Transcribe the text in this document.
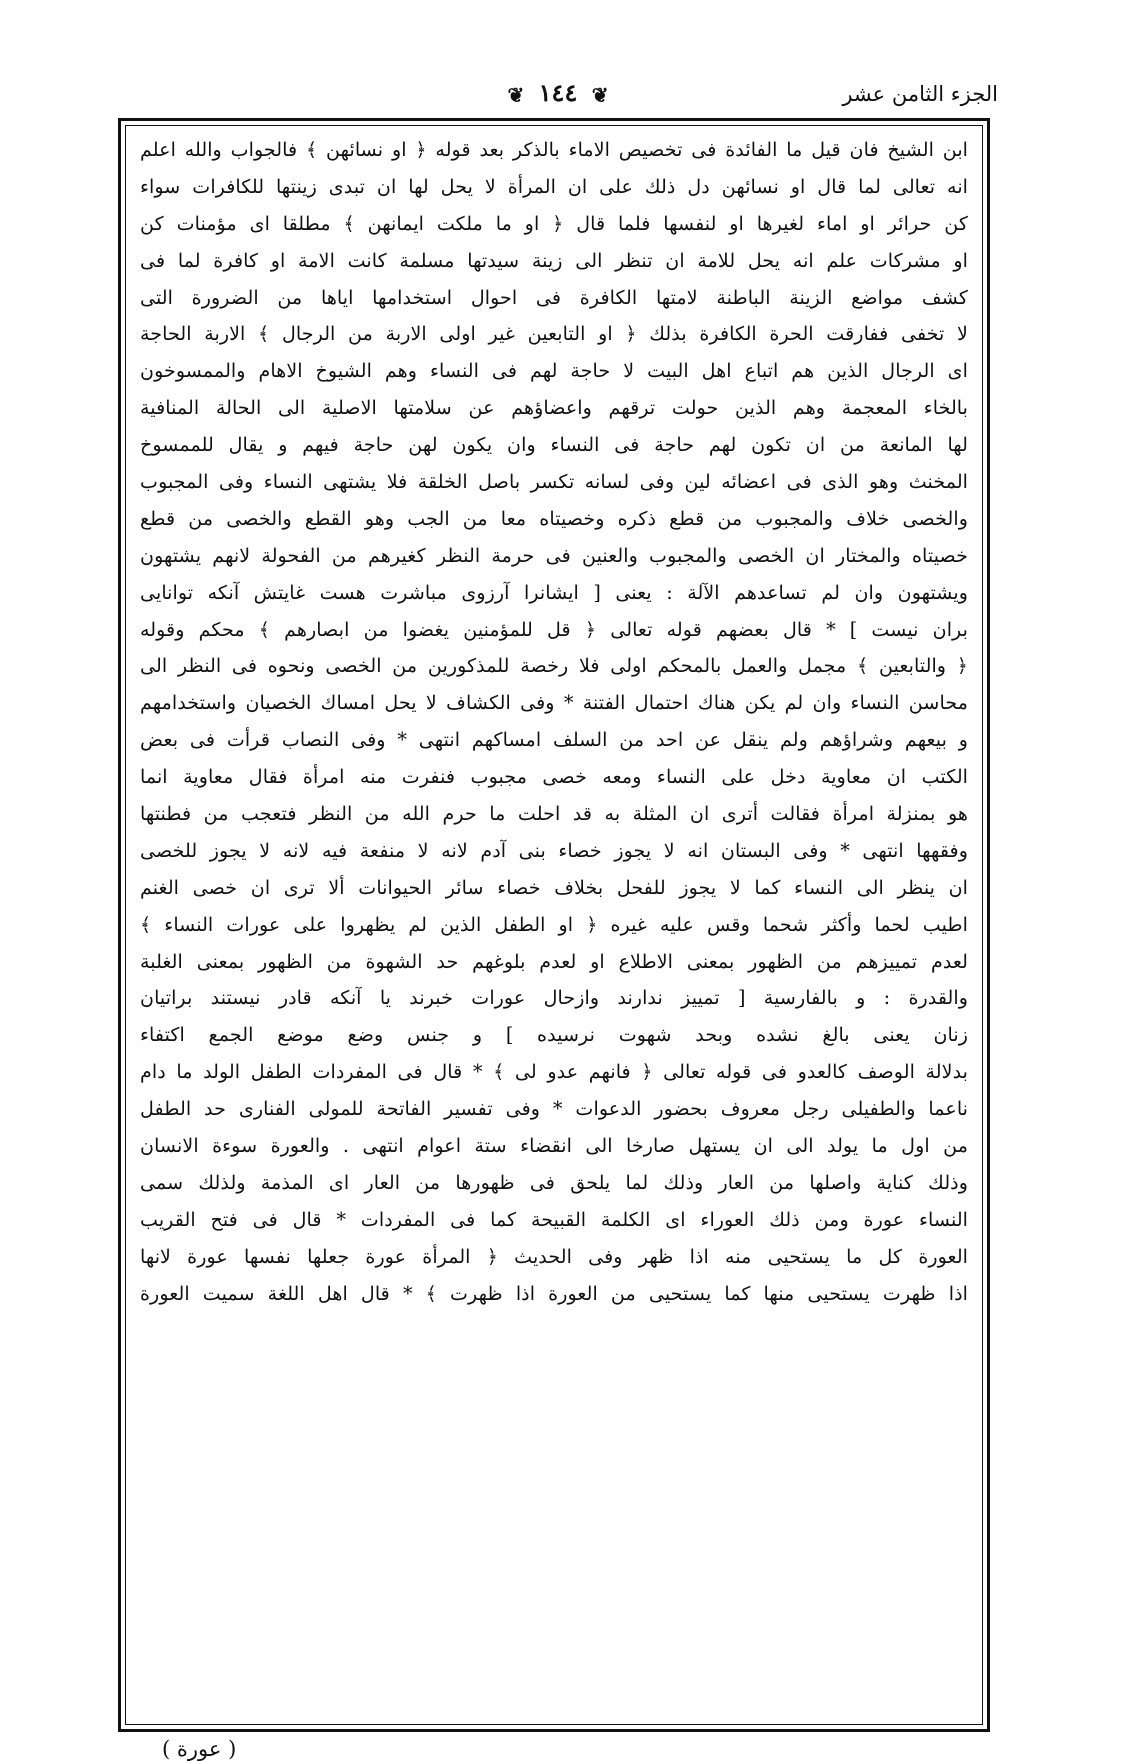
الجزء الثامن عشر
❦ ١٤٤ ❦
ابن الشيخ فان قيل ما الفائدة فى تخصيص الاماء بالذكر بعد قوله ﴿ او نسائهن ﴾ فالجواب والله اعلم
انه تعالى لما قال او نسائهن دل ذلك على ان المرأة لا يحل لها ان تبدى زينتها للكافرات سواء
كن حرائر او اماء لغيرها او لنفسها فلما قال ﴿ او ما ملكت ايمانهن ﴾ مطلقا اى مؤمنات كن
او مشركات علم انه يحل للامة ان تنظر الى زينة سيدتها مسلمة كانت الامة او كافرة لما فى
كشف مواضع الزينة الباطنة لامتها الكافرة فى احوال استخدامها اياها من الضرورة التى
لا تخفى ففارقت الحرة الكافرة بذلك ﴿ او التابعين غير اولى الاربة من الرجال ﴾ الاربة الحاجة
اى الرجال الذين هم اتباع اهل البيت لا حاجة لهم فى النساء وهم الشيوخ الاهام والممسوخون
بالخاء المعجمة وهم الذين حولت ترقهم واعضاؤهم عن سلامتها الاصلية الى الحالة المنافية
لها المانعة من ان تكون لهم حاجة فى النساء وان يكون لهن حاجة فيهم و يقال للممسوخ
المخنث وهو الذى فى اعضائه لين وفى لسانه تكسر باصل الخلقة فلا يشتهى النساء وفى المجبوب
والخصى خلاف والمجبوب من قطع ذكره وخصيتاه معا من الجب وهو القطع والخصى من قطع
خصيتاه والمختار ان الخصى والمجبوب والعنين فى حرمة النظر كغيرهم من الفحولة لانهم يشتهون
ويشتهون وان لم تساعدهم الآلة : يعنى [ ايشانرا آرزوى مباشرت هست غايتش آنكه توانايى
بران نيست ] * قال بعضهم قوله تعالى ﴿ قل للمؤمنين يغضوا من ابصارهم ﴾ محكم وقوله
﴿ والتابعين ﴾ مجمل والعمل بالمحكم اولى فلا رخصة للمذكورين من الخصى ونحوه فى النظر الى
محاسن النساء وان لم يكن هناك احتمال الفتنة * وفى الكشاف لا يحل امساك الخصيان واستخدامهم
و بيعهم وشراؤهم ولم ينقل عن احد من السلف امساكهم انتهى * وفى النصاب قرأت فى بعض
الكتب ان معاوية دخل على النساء ومعه خصى مجبوب فنفرت منه امرأة فقال معاوية انما
هو بمنزلة امرأة فقالت أترى ان المثلة به قد احلت ما حرم الله من النظر فتعجب من فطنتها
وفقهها انتهى * وفى البستان انه لا يجوز خصاء بنى آدم لانه لا منفعة فيه لانه لا يجوز للخصى
ان ينظر الى النساء كما لا يجوز للفحل بخلاف خصاء سائر الحيوانات ألا ترى ان خصى الغنم
اطيب لحما وأكثر شحما وقس عليه غيره ﴿ او الطفل الذين لم يظهروا على عورات النساء ﴾
لعدم تمييزهم من الظهور بمعنى الاطلاع او لعدم بلوغهم حد الشهوة من الظهور بمعنى الغلبة
والقدرة : و بالفارسية [ تمييز ندارند وازحال عورات خبرند يا آنكه قادر نيستند براتيان
زنان يعنى بالغ نشده وبحد شهوت نرسيده ] و جنس وضع موضع الجمع اكتفاء
بدلالة الوصف كالعدو فى قوله تعالى ﴿ فانهم عدو لى ﴾ * قال فى المفردات الطفل الولد ما دام
ناعما والطفيلى رجل معروف بحضور الدعوات * وفى تفسير الفاتحة للمولى الفنارى حد الطفل
من اول ما يولد الى ان يستهل صارخا الى انقضاء ستة اعوام انتهى . والعورة سوءة الانسان
وذلك كناية واصلها من العار وذلك لما يلحق فى ظهورها من العار اى المذمة ولذلك سمى
النساء عورة ومن ذلك العوراء اى الكلمة القبيحة كما فى المفردات * قال فى فتح القريب
العورة كل ما يستحيى منه اذا ظهر وفى الحديث ﴿ المرأة عورة جعلها نفسها عورة لانها
اذا ظهرت يستحيى منها كما يستحيى من العورة اذا ظهرت ﴾ * قال اهل اللغة سميت العورة
( عورة )
